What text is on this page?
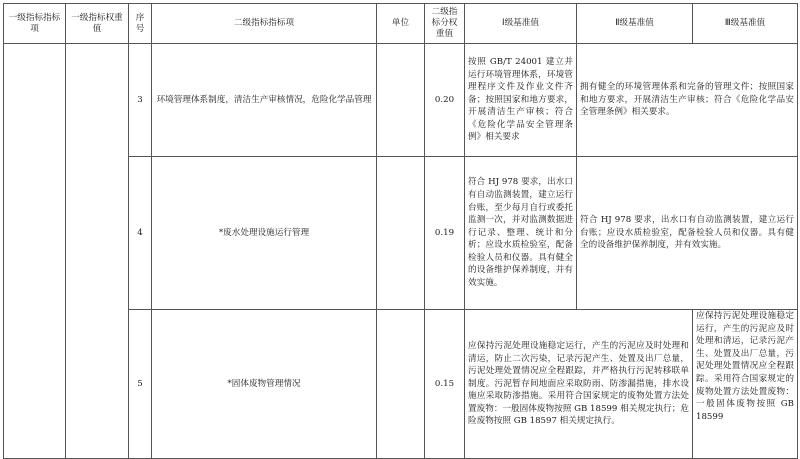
一级指标指标项	一级指标权重值	序号	二级指标指标项	单位	二级指标分权重值	Ⅰ级基准值	Ⅱ级基准值	Ⅲ级基准值
		3	环境管理体系制度，清洁生产审核情况，危险化学品管理		0.20	按照 GB/T 24001 建立并运行环境管理体系，环境管理程序文件及作业文件齐备；按照国家和地方要求，开展清洁生产审核；符合《危险化学品安全管理条例》相关要求	拥有健全的环境管理体系和完备的管理文件；按照国家和地方要求，开展清洁生产审核；符合《危险化学品安全管理条例》相关要求。	
		4	*废水处理设施运行管理		0.19	符合 HJ 978 要求，出水口有自动监测装置，建立运行台账，至少每月自行或委托监测一次，并对监测数据进行记录、整理、统计和分析；应设水质检验室，配备检验人员和仪器。具有健全的设备维护保养制度，并有效实施。	符合 HJ 978 要求，出水口有自动监测装置，建立运行台账；应设水质检验室，配备检验人员和仪器。具有健全的设备维护保养制度，并有效实施。	
		5	*固体废物管理情况		0.15	应保持污泥处理设施稳定运行，产生的污泥应及时处理和清运，防止二次污染，记录污泥产生、处置及出厂总量，污泥处理处置情况应全程跟踪，并严格执行污泥转移联单制度。污泥暂存间地面应采取防雨、防渗漏措施，排水设施应采取防渗措施。采用符合国家规定的废物处置方法处置废物：一般固体废物按照 GB 18599 相关规定执行；危险废物按照 GB 18597 相关规定执行。		应保持污泥处理设施稳定运行，产生的污泥应及时处理和清运，记录污泥产生、处置及出厂总量，污泥处理处置情况应全程跟踪。采用符合国家规定的废物处置方法处置废物：一般固体废物按照 GB 18599
